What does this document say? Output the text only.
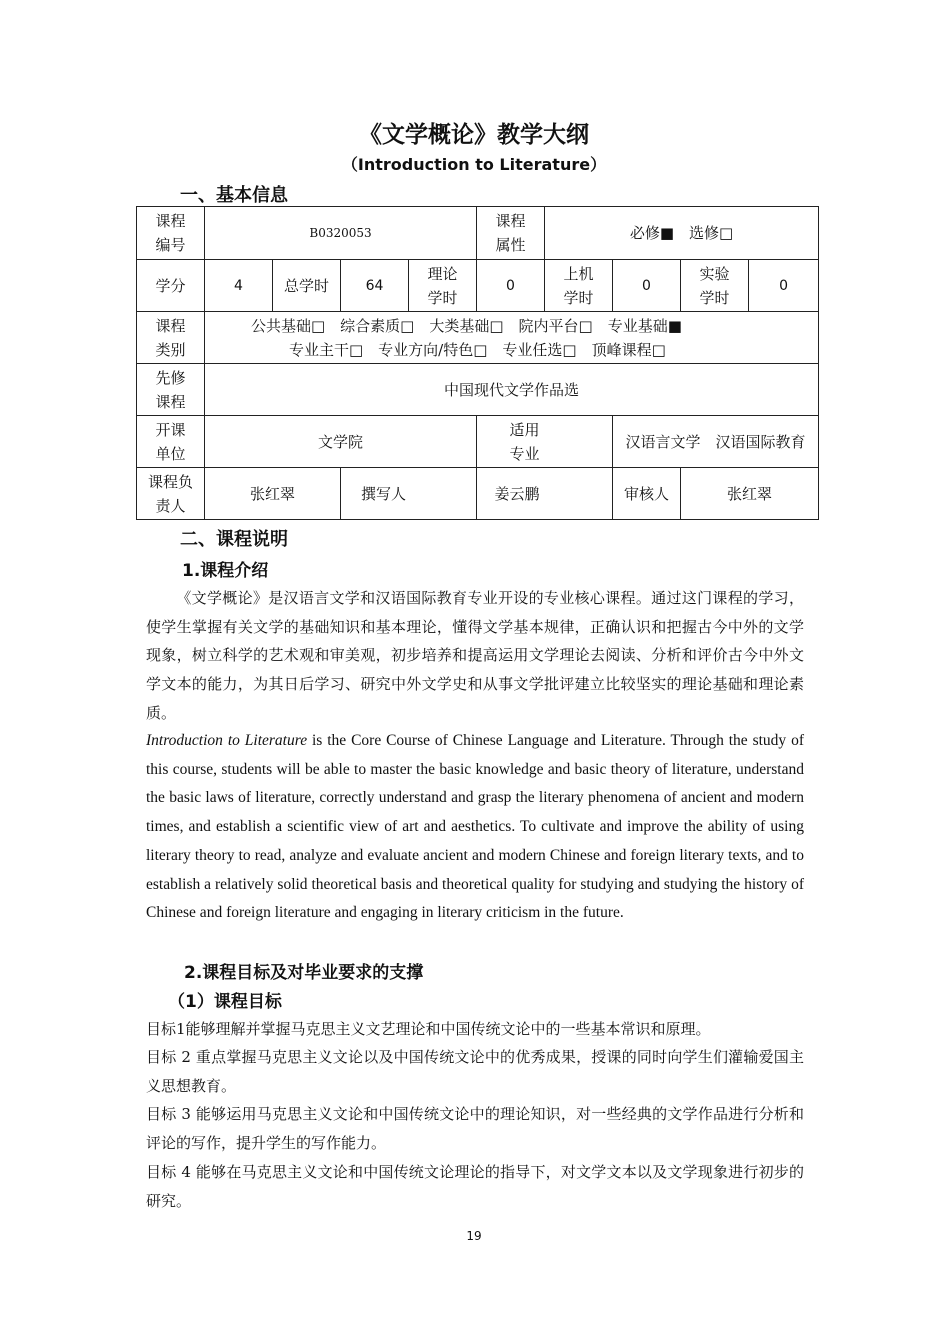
《文学概论》教学大纲
（Introduction to Literature）
一、基本信息
课程编号	B0320053				课程属性	必修■　选修□			
学分	4	总学时	64	理论学时	0	上机学时	0	实验学时	0

课程类别	公共基础□　综合素质□　大类基础□　院内平台□　专业基础■
专业主干□　专业方向/特色□　专业任选□　顶峰课程□								

先修课程	中国现代文学作品选								

开课单位	文学院				适用专业		汉语言文学　汉语国际教育		

课程负责人	张红翠		撰写人		姜云鹏		审核人	张红翠	
二、课程说明
1.课程介绍

《文学概论》是汉语言文学和汉语国际教育专业开设的专业核心课程。通过这门课程的学习，使学生掌握有关文学的基础知识和基本理论，懂得文学基本规律，正确认识和把握古今中外的文学现象，树立科学的艺术观和审美观，初步培养和提高运用文学理论去阅读、分析和评价古今中外文学文本的能力，为其日后学习、研究中外文学史和从事文学批评建立比较坚实的理论基础和理论素质。

Introduction to Literature is the Core Course of Chinese Language and Literature. Through the study of this course, students will be able to master the basic knowledge and basic theory of literature, understand the basic laws of literature, correctly understand and grasp the literary phenomena of ancient and modern times, and establish a scientific view of art and aesthetics. To cultivate and improve the ability of using literary theory to read, analyze and evaluate ancient and modern Chinese and foreign literary texts, and to establish a relatively solid theoretical basis and theoretical quality for studying and studying the history of Chinese and foreign literature and engaging in literary criticism in the future.

2.课程目标及对毕业要求的支撑
（1）课程目标

目标1能够理解并掌握马克思主义文艺理论和中国传统文论中的一些基本常识和原理。

目标 2 重点掌握马克思主义文论以及中国传统文论中的优秀成果，授课的同时向学生们灌输爱国主义思想教育。

目标 3 能够运用马克思主义文论和中国传统文论中的理论知识，对一些经典的文学作品进行分析和评论的写作，提升学生的写作能力。

目标 4 能够在马克思主义文论和中国传统文论理论的指导下，对文学文本以及文学现象进行初步的研究。

19
